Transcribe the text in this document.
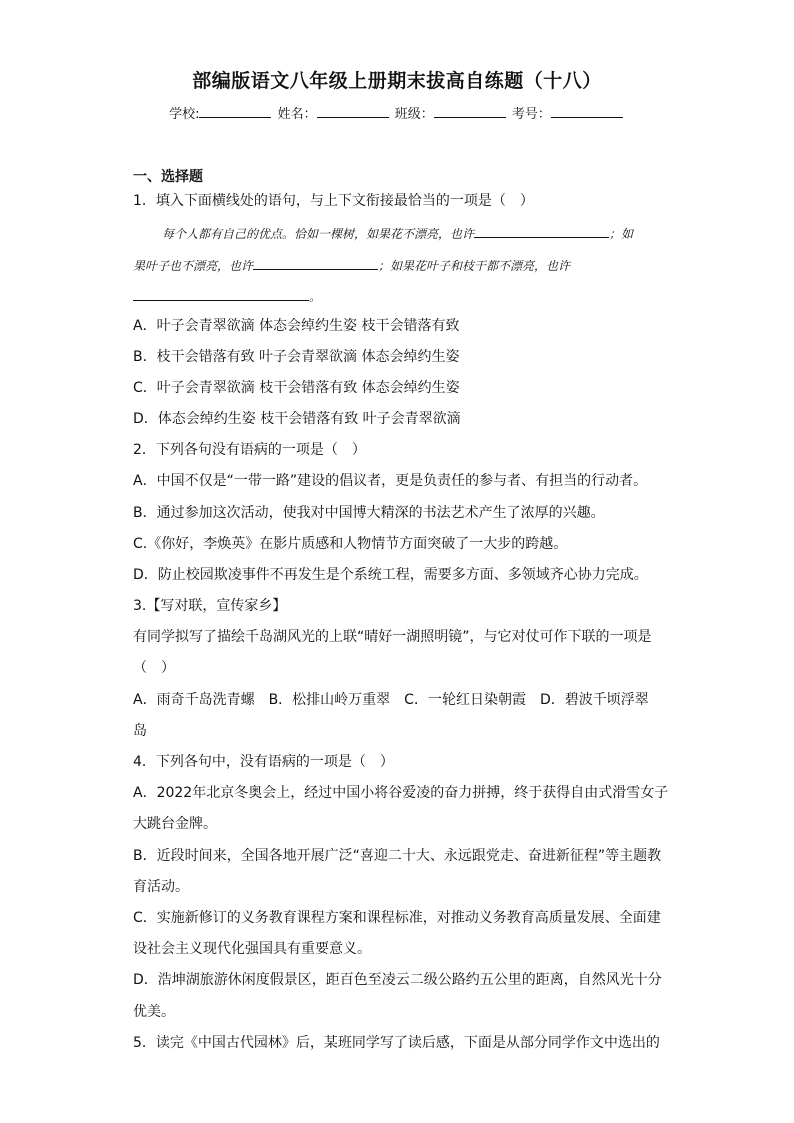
部编版语文八年级上册期末拔高自练题（十八）
学校:	姓名：	班级：	考号：
一、选择题
1．填入下面横线处的语句，与上下文衔接最恰当的一项是（　）
每个人都有自己的优点。恰如一棵树，如果花不漂亮，也许	；如
果叶子也不漂亮，也许	；如果花叶子和枝干都不漂亮，也许
。
A．叶子会青翠欲滴 体态会绰约生姿 枝干会错落有致
B．枝干会错落有致 叶子会青翠欲滴 体态会绰约生姿
C．叶子会青翠欲滴 枝干会错落有致 体态会绰约生姿
D．体态会绰约生姿 枝干会错落有致 叶子会青翠欲滴
2．下列各句没有语病的一项是（　）
A．中国不仅是“一带一路”建设的倡议者，更是负责任的参与者、有担当的行动者。
B．通过参加这次活动，使我对中国博大精深的书法艺术产生了浓厚的兴趣。
C.《你好，李焕英》在影片质感和人物情节方面突破了一大步的跨越。
D．防止校园欺凌事件不再发生是个系统工程，需要多方面、多领域齐心协力完成。
3.【写对联，宣传家乡】
有同学拟写了描绘千岛湖风光的上联“晴好一湖照明镜”，与它对仗可作下联的一项是
（　）
A．雨奇千岛洗青螺　B．松排山岭万重翠　C．一轮红日染朝霞　D．碧波千顷浮翠
岛
4．下列各句中，没有语病的一项是（　）
A．2022年北京冬奥会上，经过中国小将谷爱凌的奋力拼搏，终于获得自由式滑雪女子
大跳台金牌。
B．近段时间来，全国各地开展广泛“喜迎二十大、永远跟党走、奋进新征程”等主题教
育活动。
C．实施新修订的义务教育课程方案和课程标准，对推动义务教育高质量发展、全面建
设社会主义现代化强国具有重要意义。
D．浩坤湖旅游休闲度假景区，距百色至凌云二级公路约五公里的距离，自然风光十分
优美。
5．读完《中国古代园林》后，某班同学写了读后感，下面是从部分同学作文中选出的
